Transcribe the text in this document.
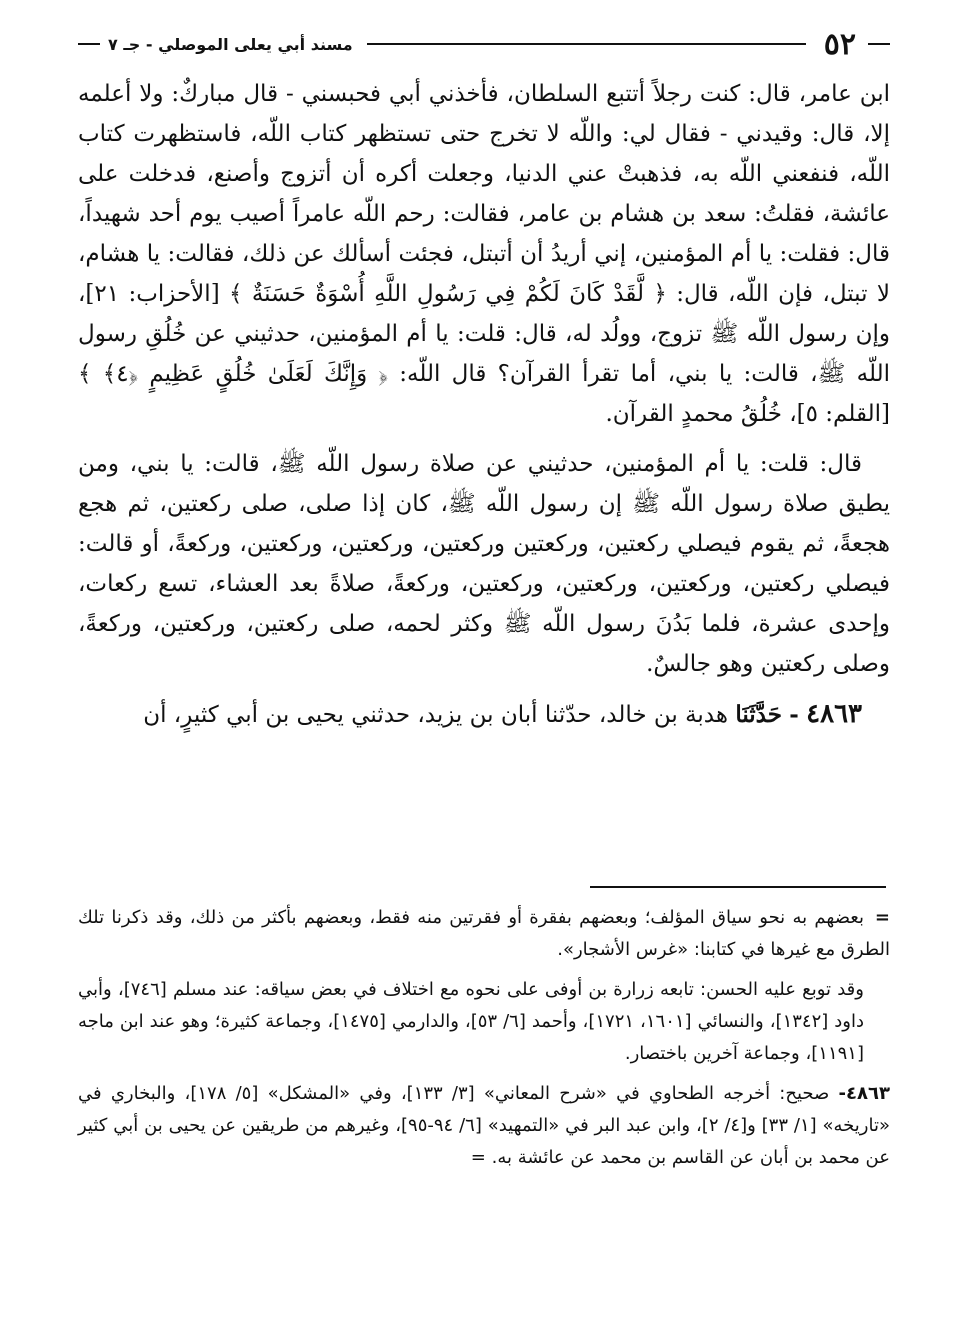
٥٢
مسند أبي يعلى الموصلي - جـ ٧

ابن عامر، قال: كنت رجلاً أتتبع السلطان، فأخذني أبي فحبسني - قال مباركٌ: ولا أعلمه إلا، قال: وقيدني - فقال لي: واللّه لا تخرج حتى تستظهر كتاب اللّه، فاستظهرت كتاب اللّه، فنفعني اللّه به، فذهبتْ عني الدنيا، وجعلت أكره أن أتزوج وأصنع، فدخلت على عائشة، فقلتُ: سعد بن هشام بن عامر، فقالت: رحم اللّه عامراً أصيب يوم أحد شهيداً، قال: فقلت: يا أم المؤمنين، إني أريدُ أن أتبتل، فجئت أسألك عن ذلك، فقالت: يا هشام، لا تبتل، فإن اللّه، قال: ﴿ لَّقَدْ كَانَ لَكُمْ فِي رَسُولِ اللَّهِ أُسْوَةٌ حَسَنَةٌ ﴾ [الأحزاب: ٢١]، وإن رسول اللّه ﷺ تزوج، وولُد له، قال: قلت: يا أم المؤمنين، حدثيني عن خُلُقِ رسول اللّه ﷺ، قالت: يا بني، أما تقرأ القرآن؟ قال اللّه: ﴿ وَإِنَّكَ لَعَلَىٰ خُلُقٍ عَظِيمٍ ﴿٤﴾ ﴾ [القلم: ٥]، خُلُقُ محمدٍ القرآن.

قال: قلت: يا أم المؤمنين، حدثيني عن صلاة رسول اللّه ﷺ، قالت: يا بني، ومن يطيق صلاة رسول اللّه ﷺ إن رسول اللّه ﷺ، كان إذا صلى، صلى ركعتين، ثم هجع هجعةً، ثم يقوم فيصلي ركعتين، وركعتين وركعتين، وركعتين، وركعتين، وركعةً، أو قالت: فيصلي ركعتين، وركعتين، وركعتين، وركعتين، وركعةً، صلاةً بعد العشاء، تسع ركعات، وإحدى عشرة، فلما بَدُنَ رسول اللّه ﷺ وكثر لحمه، صلى ركعتين، وركعتين، وركعةً، وصلى ركعتين وهو جالسٌ.

٤٨٦٣ - حَدَّثَنَا هدبة بن خالد، حدّثنا أبان بن يزيد، حدثني يحيى بن أبي كثيرٍ، أن

=بعضهم به نحو سياق المؤلف؛ وبعضهم بفقرة أو فقرتين منه فقط، وبعضهم بأكثر من ذلك، وقد ذكرنا تلك الطرق مع غيرها في كتابنا: «غرس الأشجار».

وقد توبع عليه الحسن: تابعه زرارة بن أوفى على نحوه مع اختلاف في بعض سياقه: عند مسلم [٧٤٦]، وأبي داود [١٣٤٢]، والنسائي [١٦٠١، ١٧٢١]، وأحمد [٦/ ٥٣]، والدارمي [١٤٧٥]، وجماعة كثيرة؛ وهو عند ابن ماجه [١١٩١]، وجماعة آخرين باختصار.

٤٨٦٣- صحيح: أخرجه الطحاوي في «شرح المعاني» [٣/ ١٣٣]، وفي «المشكل» [٥/ ١٧٨]، والبخاري في «تاريخه» [١/ ٣٣] و[٤/ ٢]، وابن عبد البر في «التمهيد» [٦/ ٩٤-٩٥]، وغيرهم من طريقين عن يحيى بن أبي كثير عن محمد بن أبان عن القاسم بن محمد عن عائشة به. =
